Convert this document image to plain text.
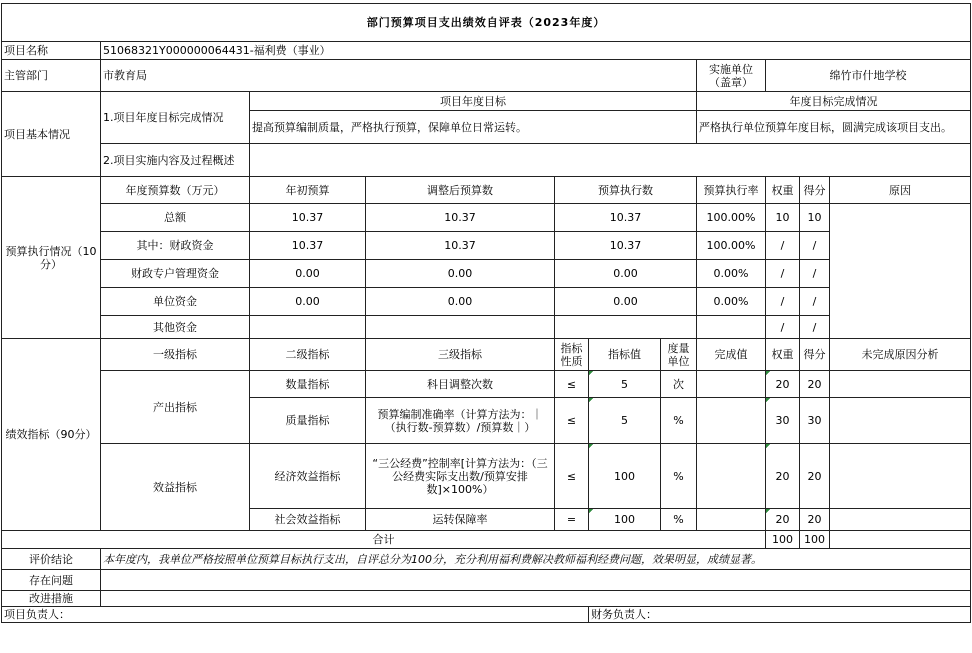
部门预算项目支出绩效自评表（2023年度）										
项目名称	51068321Y000000064431-福利费（事业）									
主管部门	市教育局						实施单位（盖章）	绵竹市什地学校		
项目基本情况	1.项目年度目标完成情况	项目年度目标					年度目标完成情况			
		提高预算编制质量，严格执行预算，保障单位日常运转。					严格执行单位预算年度目标，圆满完成该项目支出。			
	2.项目实施内容及过程概述									
预算执行情况（10分）	年度预算数（万元）	年初预算	调整后预算数	预算执行数			预算执行率	权重	得分	原因
	总额	10.37	10.37	10.37			100.00%	10	10	
	其中：财政资金	10.37	10.37	10.37			100.00%	/	/	
	财政专户管理资金	0.00	0.00	0.00			0.00%	/	/	
	单位资金	0.00	0.00	0.00			0.00%	/	/	
	其他资金							/	/	
绩效指标（90分）	一级指标	二级指标	三级指标	指标性质	指标值	度量单位	完成值	权重	得分	未完成原因分析
	产出指标	数量指标	科目调整次数	≤	5	次		20	20	
		质量指标	预算编制准确率（计算方法为：｜（执行数-预算数）/预算数｜）	≤	5	%		30	30	
	效益指标	经济效益指标	“三公经费”控制率[计算方法为：（三公经费实际支出数/预算安排数]×100%）	≤	100	%		20	20	
		社会效益指标	运转保障率	=	100	%		20	20	
合计								100	100	
评价结论	本年度内，我单位严格按照单位预算目标执行支出，自评总分为100分，充分利用福利费解决教师福利经费问题，效果明显，成绩显著。									
存在问题										
改进措施										
项目负责人：					财务负责人：					
